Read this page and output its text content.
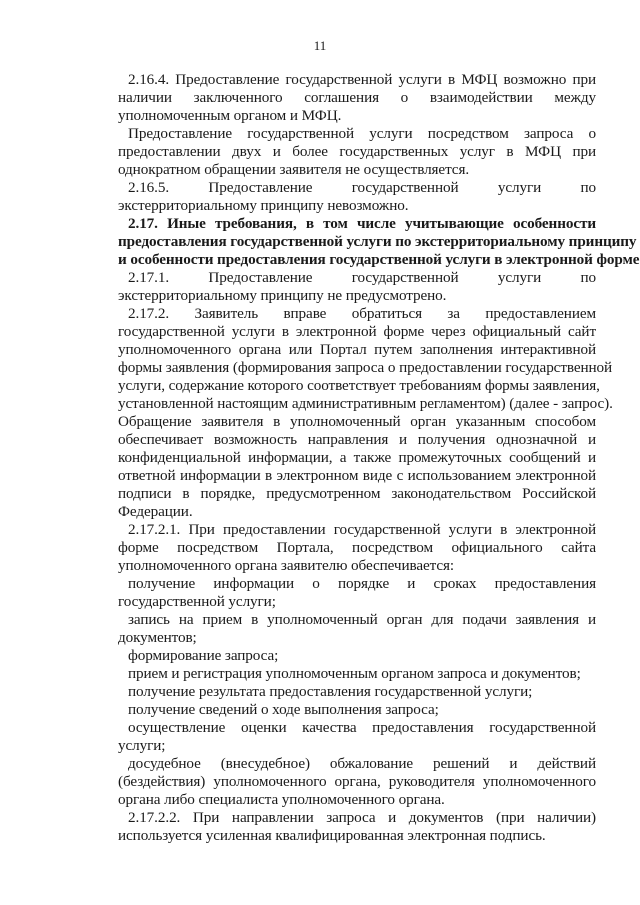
11
2.16.4. Предоставление государственной услуги в МФЦ возможно при
наличии заключенного соглашения о взаимодействии между
уполномоченным органом и МФЦ.
Предоставление государственной услуги посредством запроса о
предоставлении двух и более государственных услуг в МФЦ при
однократном обращении заявителя не осуществляется.
2.16.5. Предоставление государственной услуги по
экстерриториальному принципу невозможно.
2.17. Иные требования, в том числе учитывающие особенности
предоставления государственной услуги по экстерриториальному принципу
и особенности предоставления государственной услуги в электронной форме
2.17.1. Предоставление государственной услуги по
экстерриториальному принципу не предусмотрено.
2.17.2. Заявитель вправе обратиться за предоставлением
государственной услуги в электронной форме через официальный сайт
уполномоченного органа или Портал путем заполнения интерактивной
формы заявления (формирования запроса о предоставлении государственной
услуги, содержание которого соответствует требованиям формы заявления,
установленной настоящим административным регламентом) (далее - запрос).
Обращение заявителя в уполномоченный орган указанным способом
обеспечивает возможность направления и получения однозначной и
конфиденциальной информации, а также промежуточных сообщений и
ответной информации в электронном виде с использованием электронной
подписи в порядке, предусмотренном законодательством Российской
Федерации.
2.17.2.1. При предоставлении государственной услуги в электронной
форме посредством Портала, посредством официального сайта
уполномоченного органа заявителю обеспечивается:
получение информации о порядке и сроках предоставления
государственной услуги;
запись на прием в уполномоченный орган для подачи заявления и
документов;
формирование запроса;
прием и регистрация уполномоченным органом запроса и документов;
получение результата предоставления государственной услуги;
получение сведений о ходе выполнения запроса;
осуществление оценки качества предоставления государственной
услуги;
досудебное (внесудебное) обжалование решений и действий
(бездействия) уполномоченного органа, руководителя уполномоченного
органа либо специалиста уполномоченного органа.
2.17.2.2. При направлении запроса и документов (при наличии)
используется усиленная квалифицированная электронная подпись.
